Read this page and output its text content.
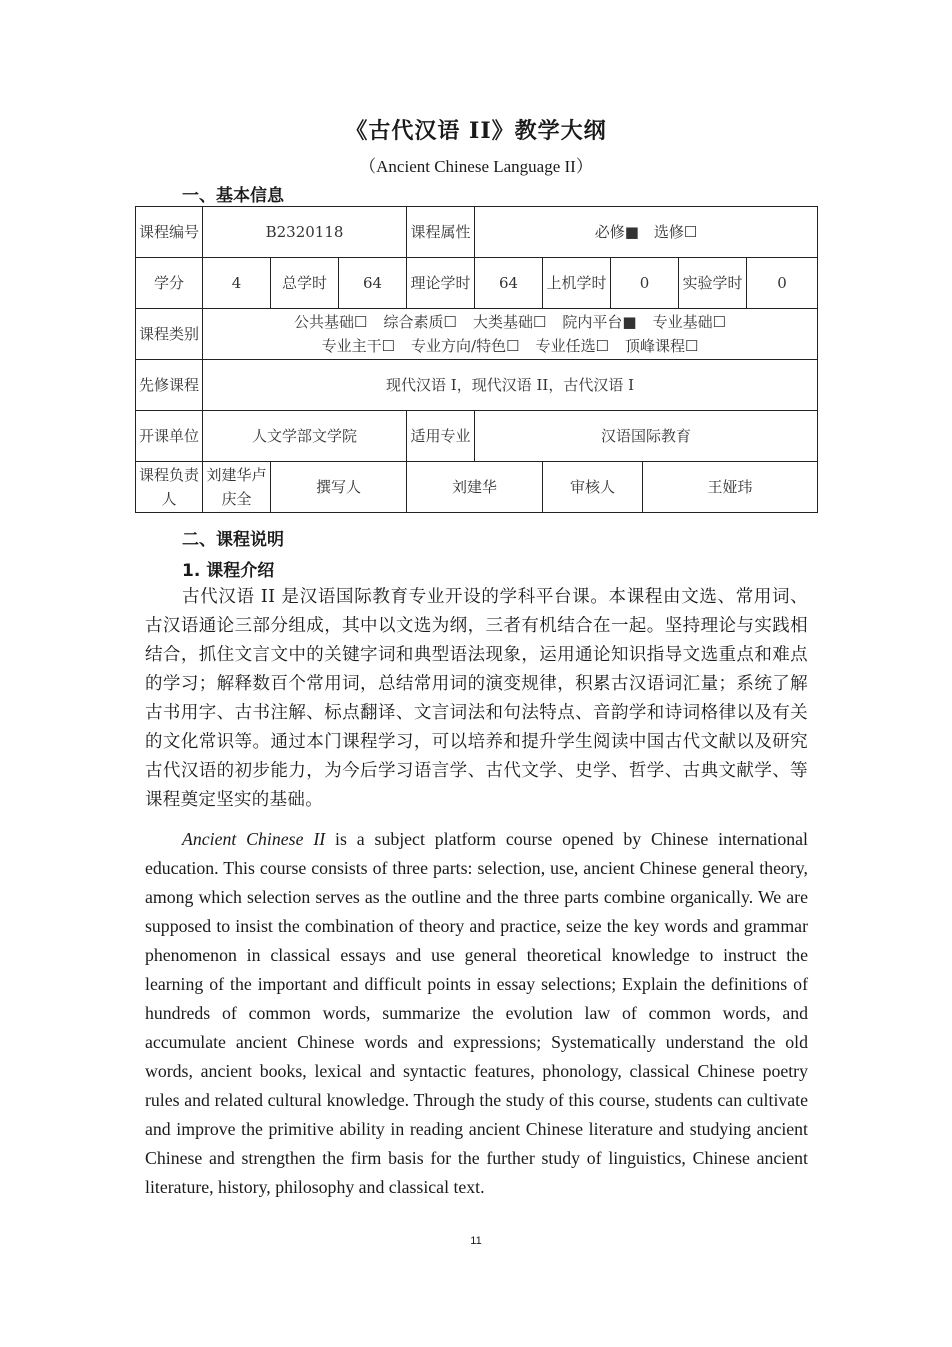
《古代汉语 II》教学大纲
（Ancient Chinese Language II）
一、基本信息
课程编号	B2320118			课程属性	必修■　选修☐					
学分	4	总学时	64	理论学时	64	上机学时	0		实验学时	0
课程类别	公共基础☐ 综合素质☐ 大类基础☐ 院内平台■ 专业基础☐
专业主干☐ 专业方向/特色☐ 专业任选☐ 顶峰课程☐									

先修课程	现代汉语 I，现代汉语 II，古代汉语 I									
开课单位	人文学部文学院			适用专业	汉语国际教育					
课程负责人	刘建华卢庆全	撰写人		刘建华		审核人		王娅玮		
二、课程说明
1. 课程介绍

古代汉语 II 是汉语国际教育专业开设的学科平台课。本课程由文选、常用词、古汉语通论三部分组成，其中以文选为纲，三者有机结合在一起。坚持理论与实践相结合，抓住文言文中的关键字词和典型语法现象，运用通论知识指导文选重点和难点的学习；解释数百个常用词，总结常用词的演变规律，积累古汉语词汇量；系统了解古书用字、古书注解、标点翻译、文言词法和句法特点、音韵学和诗词格律以及有关的文化常识等。通过本门课程学习，可以培养和提升学生阅读中国古代文献以及研究古代汉语的初步能力，为今后学习语言学、古代文学、史学、哲学、古典文献学、等课程奠定坚实的基础。

Ancient Chinese II is a subject platform course opened by Chinese international education. This course consists of three parts: selection, use, ancient Chinese general theory, among which selection serves as the outline and the three parts combine organically. We are supposed to insist the combination of theory and practice, seize the key words and grammar phenomenon in classical essays and use general theoretical knowledge to instruct the learning of the important and difficult points in essay selections; Explain the definitions of hundreds of common words, summarize the evolution law of common words, and accumulate ancient Chinese words and expressions; Systematically understand the old words, ancient books, lexical and syntactic features, phonology, classical Chinese poetry rules and related cultural knowledge. Through the study of this course, students can cultivate and improve the primitive ability in reading ancient Chinese literature and studying ancient Chinese and strengthen the firm basis for the further study of linguistics, Chinese ancient literature, history, philosophy and classical text.

11
